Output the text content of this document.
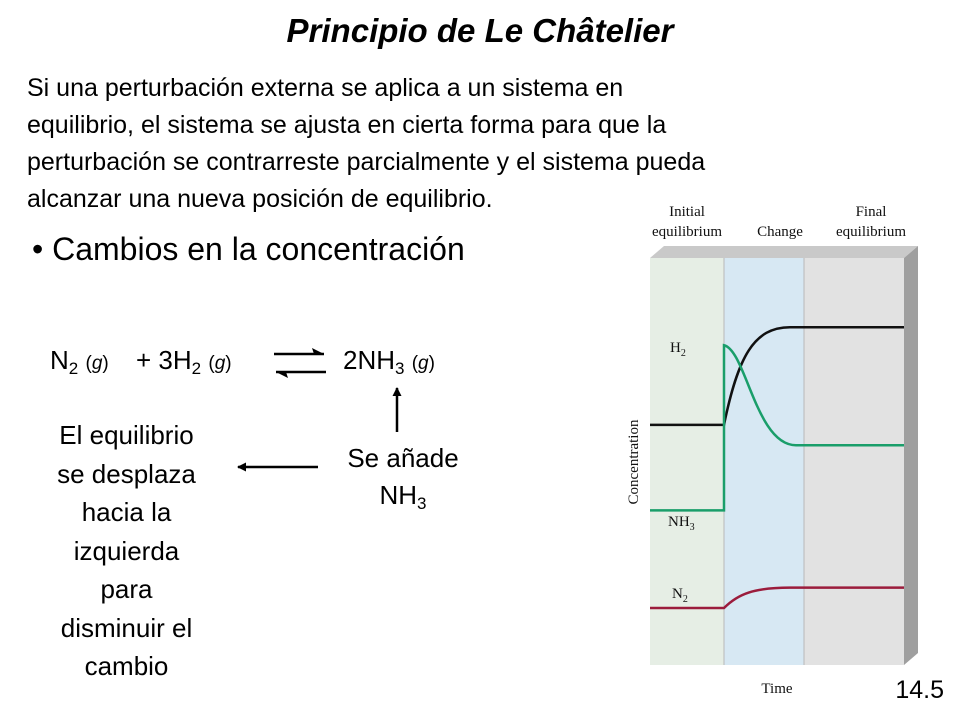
Principio de Le Châtelier

Si una perturbación externa se aplica a un sistema en
equilibrio, el sistema se ajusta en cierta forma para que la
perturbación se contrarreste parcialmente y el sistema pueda
alcanzar una nueva posición de equilibrio.

• Cambios en la concentración
$N_2$ $(g) + 3H_2$ (g)	$2NH_3$ (g)
Se añade
$NH_3$
El equilibrio
se desplaza
hacia la
izquierda
para
disminuir el
cambio
14.5
Initial
equilibrium Change
Final
equilibrium
Concentration
Time
$H_2$
$NH_3$
$N_2$
